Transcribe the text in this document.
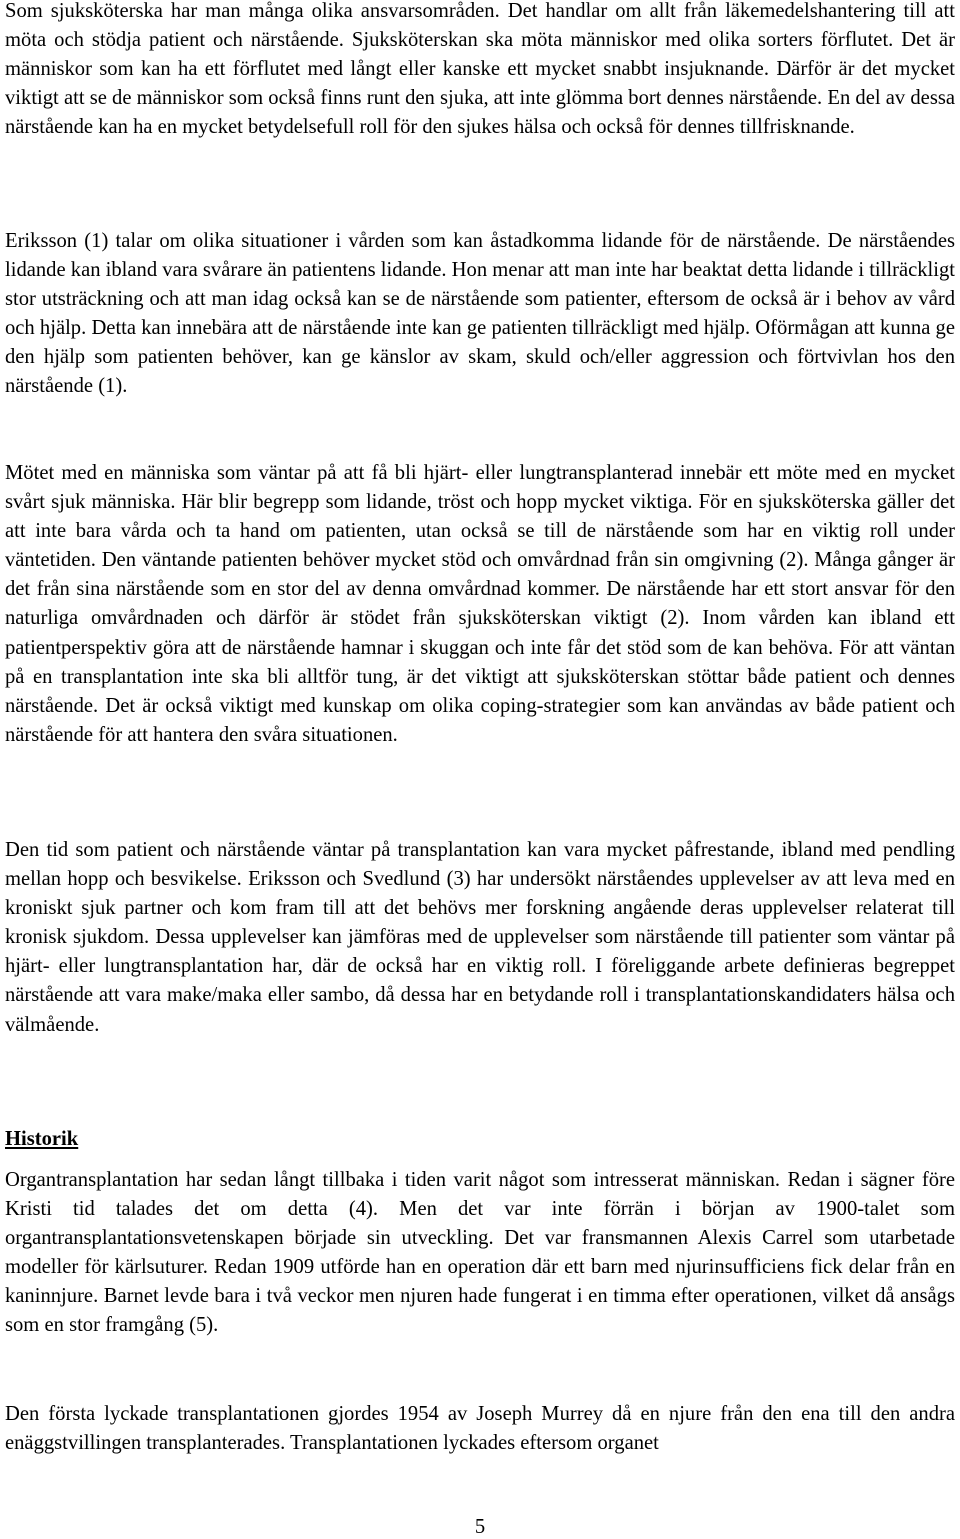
Som sjuksköterska har man många olika ansvarsområden. Det handlar om allt från läkemedelshantering till att möta och stödja patient och närstående. Sjuksköterskan ska möta människor med olika sorters förflutet. Det är människor som kan ha ett förflutet med långt eller kanske ett mycket snabbt insjuknande. Därför är det mycket viktigt att se de människor som också finns runt den sjuka, att inte glömma bort dennes närstående. En del av dessa närstående kan ha en mycket betydelsefull roll för den sjukes hälsa och också för dennes tillfrisknande.

Eriksson (1) talar om olika situationer i vården som kan åstadkomma lidande för de närstående. De närståendes lidande kan ibland vara svårare än patientens lidande. Hon menar att man inte har beaktat detta lidande i tillräckligt stor utsträckning och att man idag också kan se de närstående som patienter, eftersom de också är i behov av vård och hjälp. Detta kan innebära att de närstående inte kan ge patienten tillräckligt med hjälp. Oförmågan att kunna ge den hjälp som patienten behöver, kan ge känslor av skam, skuld och/eller aggression och förtvivlan hos den närstående (1).

Mötet med en människa som väntar på att få bli hjärt- eller lungtransplanterad innebär ett möte med en mycket svårt sjuk människa. Här blir begrepp som lidande, tröst och hopp mycket viktiga. För en sjuksköterska gäller det att inte bara vårda och ta hand om patienten, utan också se till de närstående som har en viktig roll under väntetiden. Den väntande patienten behöver mycket stöd och omvårdnad från sin omgivning (2). Många gånger är det från sina närstående som en stor del av denna omvårdnad kommer. De närstående har ett stort ansvar för den naturliga omvårdnaden och därför är stödet från sjuksköterskan viktigt (2). Inom vården kan ibland ett patientperspektiv göra att de närstående hamnar i skuggan och inte får det stöd som de kan behöva. För att väntan på en transplantation inte ska bli alltför tung, är det viktigt att sjuksköterskan stöttar både patient och dennes närstående. Det är också viktigt med kunskap om olika coping-strategier som kan användas av både patient och närstående för att hantera den svåra situationen.

Den tid som patient och närstående väntar på transplantation kan vara mycket påfrestande, ibland med pendling mellan hopp och besvikelse. Eriksson och Svedlund (3) har undersökt närståendes upplevelser av att leva med en kroniskt sjuk partner och kom fram till att det behövs mer forskning angående deras upplevelser relaterat till kronisk sjukdom. Dessa upplevelser kan jämföras med de upplevelser som närstående till patienter som väntar på hjärt- eller lungtransplantation har, där de också har en viktig roll. I föreliggande arbete definieras begreppet närstående att vara make/maka eller sambo, då dessa har en betydande roll i transplantationskandidaters hälsa och välmående.

Historik

Organtransplantation har sedan långt tillbaka i tiden varit något som intresserat människan. Redan i sägner före Kristi tid talades det om detta (4). Men det var inte förrän i början av 1900-talet som organtransplantationsvetenskapen började sin utveckling. Det var fransmannen Alexis Carrel som utarbetade modeller för kärlsuturer. Redan 1909 utförde han en operation där ett barn med njurinsufficiens fick delar från en kaninnjure. Barnet levde bara i två veckor men njuren hade fungerat i en timma efter operationen, vilket då ansågs som en stor framgång (5).

Den första lyckade transplantationen gjordes 1954 av Joseph Murrey då en njure från den ena till den andra enäggstvillingen transplanterades. Transplantationen lyckades eftersom organet

5
